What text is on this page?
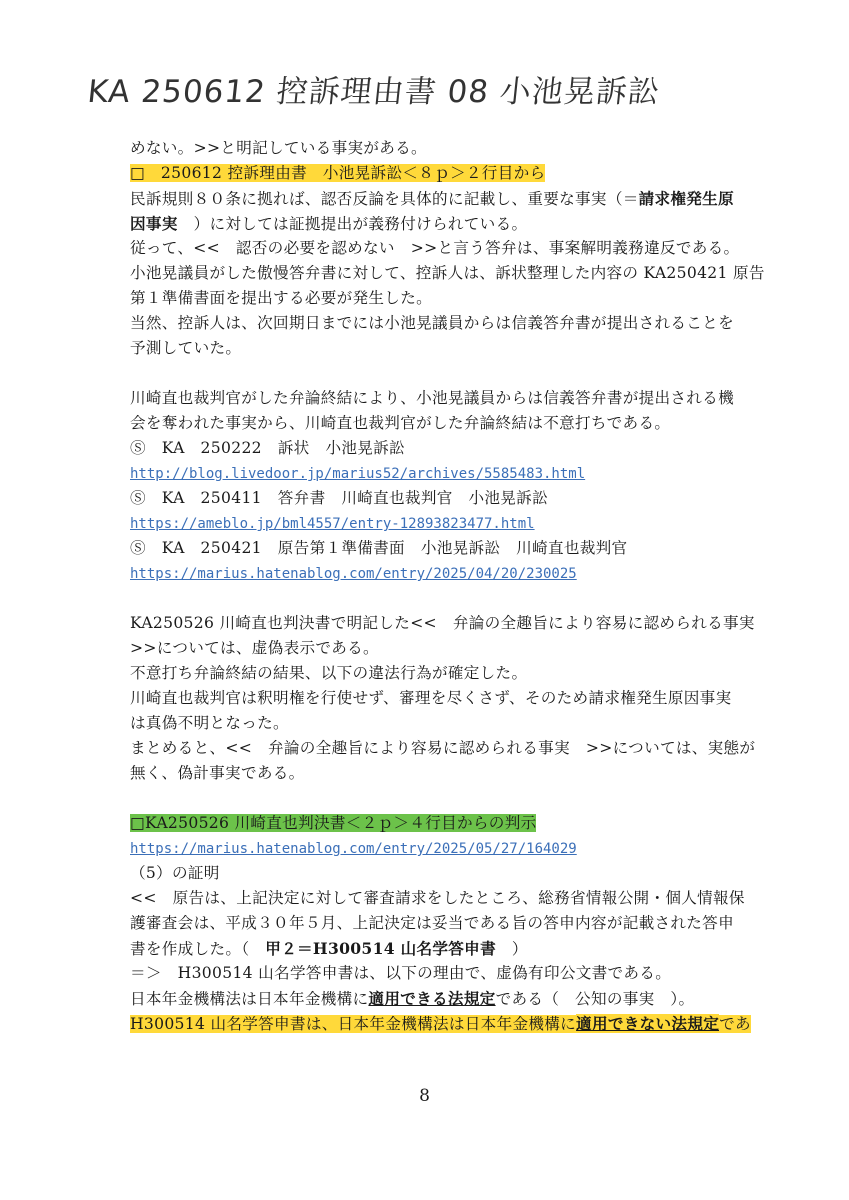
KA 250612 控訴理由書 08 小池晃訴訟
めない。>>と明記している事実がある。
□　250612 控訴理由書　小池晃訴訟＜８ｐ＞２行目から
民訴規則８０条に拠れば、認否反論を具体的に記載し、重要な事実（＝請求権発生原
因事実　）に対しては証拠提出が義務付けられている。
従って、<<　認否の必要を認めない　>>と言う答弁は、事案解明義務違反である。
小池晃議員がした傲慢答弁書に対して、控訴人は、訴状整理した内容の KA250421 原告
第１準備書面を提出する必要が発生した。
当然、控訴人は、次回期日までには小池晃議員からは信義答弁書が提出されることを
予測していた。
川崎直也裁判官がした弁論終結により、小池晃議員からは信義答弁書が提出される機
会を奪われた事実から、川崎直也裁判官がした弁論終結は不意打ちである。
Ⓢ　KA　250222　訴状　小池晃訴訟
http://blog.livedoor.jp/marius52/archives/5585483.html
Ⓢ　KA　250411　答弁書　川崎直也裁判官　小池晃訴訟
https://ameblo.jp/bml4557/entry-12893823477.html
Ⓢ　KA　250421　原告第１準備書面　小池晃訴訟　川崎直也裁判官
https://marius.hatenablog.com/entry/2025/04/20/230025
KA250526 川崎直也判決書で明記した<<　弁論の全趣旨により容易に認められる事実
>>については、虚偽表示である。
不意打ち弁論終結の結果、以下の違法行為が確定した。
川崎直也裁判官は釈明権を行使せず、審理を尽くさず、そのため請求権発生原因事実
は真偽不明となった。
まとめると、<<　弁論の全趣旨により容易に認められる事実　>>については、実態が
無く、偽計事実である。
□KA250526 川崎直也判決書＜２ｐ＞４行目からの判示
https://marius.hatenablog.com/entry/2025/05/27/164029
（5）の証明
<<　原告は、上記決定に対して審査請求をしたところ、総務省情報公開・個人情報保
護審査会は、平成３０年５月、上記決定は妥当である旨の答申内容が記載された答申
書を作成した。（　甲２＝H300514 山名学答申書　）
＝＞　H300514 山名学答申書は、以下の理由で、虚偽有印公文書である。
日本年金機構法は日本年金機構に適用できる法規定である（　公知の事実　）。
H300514 山名学答申書は、日本年金機構法は日本年金機構に適用できない法規定であ
8
